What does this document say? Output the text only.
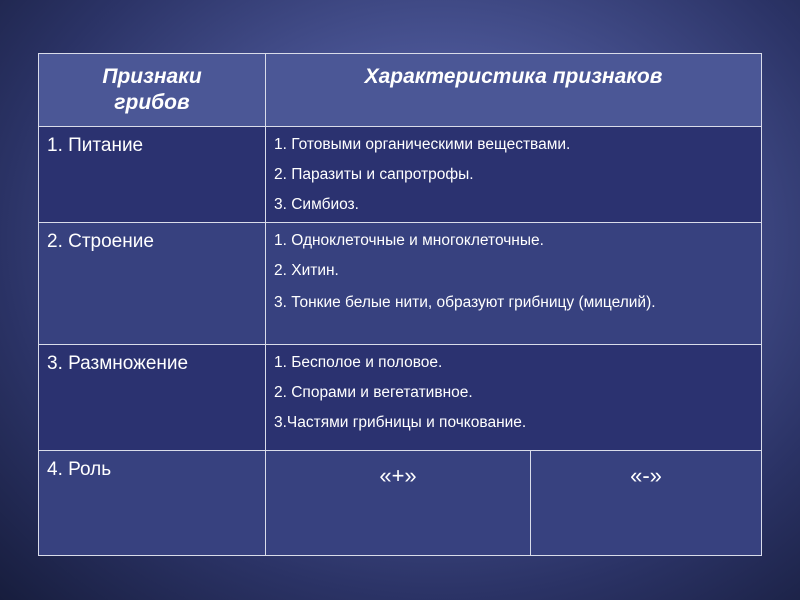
Признаки грибов	Характеристика признаков	

1. Питание	1. Готовыми органическими веществами.
2. Паразиты и сапротрофы.
3. Симбиоз.	

2. Строение	1. Одноклеточные и многоклеточные.
2. Хитин.
3. Тонкие белые нити, образуют грибницу (мицелий).	

3. Размножение	1. Бесполое и половое.
2. Спорами и вегетативное.
3.Частями грибницы и почкование.	

4. Роль	«+»	«-»
